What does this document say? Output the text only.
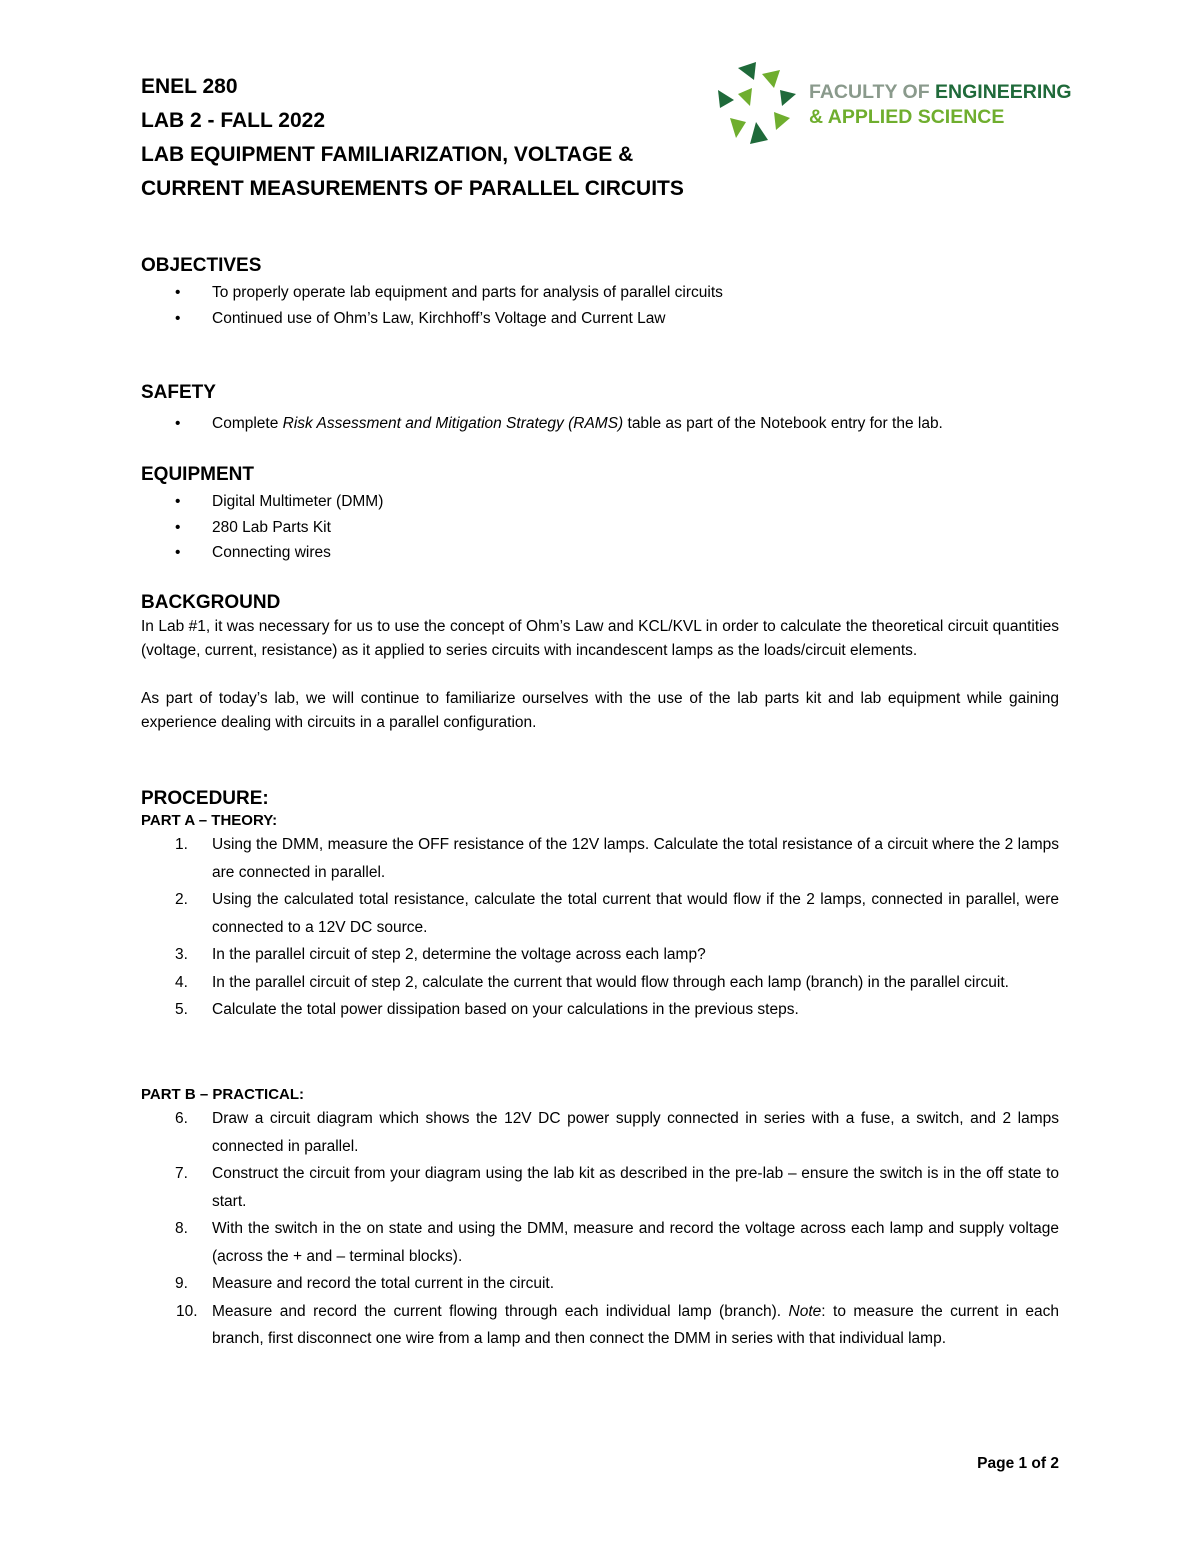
ENEL 280
LAB 2 - FALL 2022
LAB EQUIPMENT FAMILIARIZATION, VOLTAGE &
CURRENT MEASUREMENTS OF PARALLEL CIRCUITS
FACULTY OF ENGINEERING
& APPLIED SCIENCE
OBJECTIVES
• To properly operate lab equipment and parts for analysis of parallel circuits
• Continued use of Ohm’s Law, Kirchhoff’s Voltage and Current Law
SAFETY
• Complete Risk Assessment and Mitigation Strategy (RAMS) table as part of the Notebook entry for the lab.
EQUIPMENT
• Digital Multimeter (DMM)
• 280 Lab Parts Kit
• Connecting wires
BACKGROUND

In Lab #1, it was necessary for us to use the concept of Ohm’s Law and KCL/KVL in order to calculate the theoretical circuit quantities (voltage, current, resistance) as it applied to series circuits with incandescent lamps as the loads/circuit elements.

As part of today’s lab, we will continue to familiarize ourselves with the use of the lab parts kit and lab equipment while gaining experience dealing with circuits in a parallel configuration.

PROCEDURE:
PART A – THEORY:
1. Using the DMM, measure the OFF resistance of the 12V lamps. Calculate the total resistance of a circuit where the 2 lamps are connected in parallel.
2. Using the calculated total resistance, calculate the total current that would flow if the 2 lamps, connected in parallel, were connected to a 12V DC source.
3. In the parallel circuit of step 2, determine the voltage across each lamp?
4. In the parallel circuit of step 2, calculate the current that would flow through each lamp (branch) in the parallel circuit.
5. Calculate the total power dissipation based on your calculations in the previous steps.
PART B – PRACTICAL:
6. Draw a circuit diagram which shows the 12V DC power supply connected in series with a fuse, a switch, and 2 lamps connected in parallel.
7. Construct the circuit from your diagram using the lab kit as described in the pre-lab – ensure the switch is in the off state to start.
8. With the switch in the on state and using the DMM, measure and record the voltage across each lamp and supply voltage (across the + and – terminal blocks).
9. Measure and record the total current in the circuit.
10. Measure and record the current flowing through each individual lamp (branch). Note: to measure the current in each branch, first disconnect one wire from a lamp and then connect the DMM in series with that individual lamp.
Page 1 of 2
